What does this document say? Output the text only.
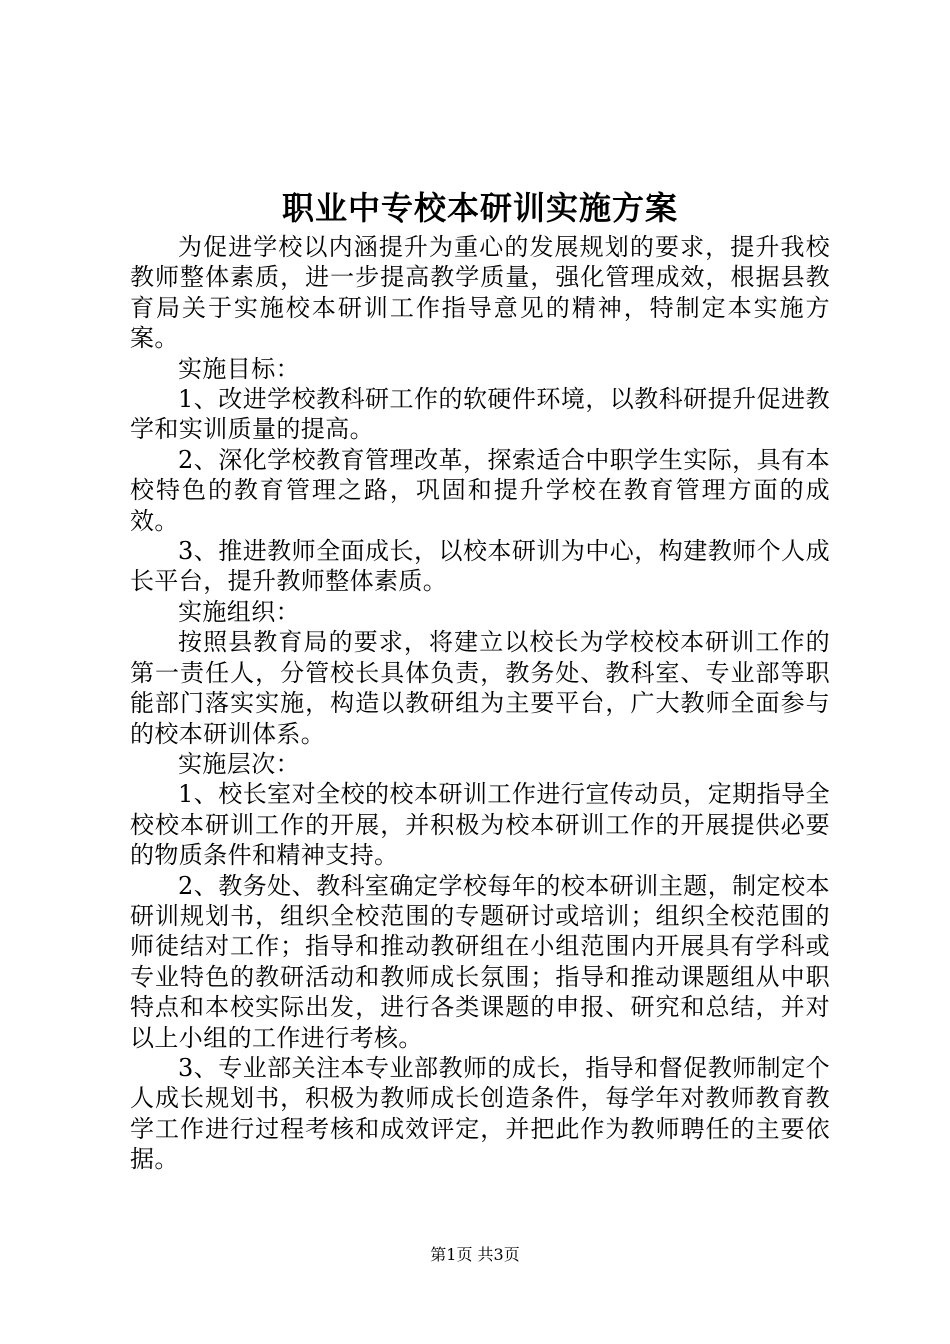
职业中专校本研训实施方案

为促进学校以内涵提升为重心的发展规划的要求，提升我校教师整体素质，进一步提高教学质量，强化管理成效，根据县教育局关于实施校本研训工作指导意见的精神，特制定本实施方案。

实施目标：

1、改进学校教科研工作的软硬件环境，以教科研提升促进教学和实训质量的提高。

2、深化学校教育管理改革，探索适合中职学生实际，具有本校特色的教育管理之路，巩固和提升学校在教育管理方面的成效。

3、推进教师全面成长，以校本研训为中心，构建教师个人成长平台，提升教师整体素质。

实施组织：

按照县教育局的要求，将建立以校长为学校校本研训工作的第一责任人，分管校长具体负责，教务处、教科室、专业部等职能部门落实实施，构造以教研组为主要平台，广大教师全面参与的校本研训体系。

实施层次：

1、校长室对全校的校本研训工作进行宣传动员，定期指导全校校本研训工作的开展，并积极为校本研训工作的开展提供必要的物质条件和精神支持。

2、教务处、教科室确定学校每年的校本研训主题，制定校本研训规划书，组织全校范围的专题研讨或培训；组织全校范围的师徒结对工作；指导和推动教研组在小组范围内开展具有学科或专业特色的教研活动和教师成长氛围；指导和推动课题组从中职特点和本校实际出发，进行各类课题的申报、研究和总结，并对以上小组的工作进行考核。

3、专业部关注本专业部教师的成长，指导和督促教师制定个人成长规划书，积极为教师成长创造条件，每学年对教师教育教学工作进行过程考核和成效评定，并把此作为教师聘任的主要依据。

第1页 共3页
